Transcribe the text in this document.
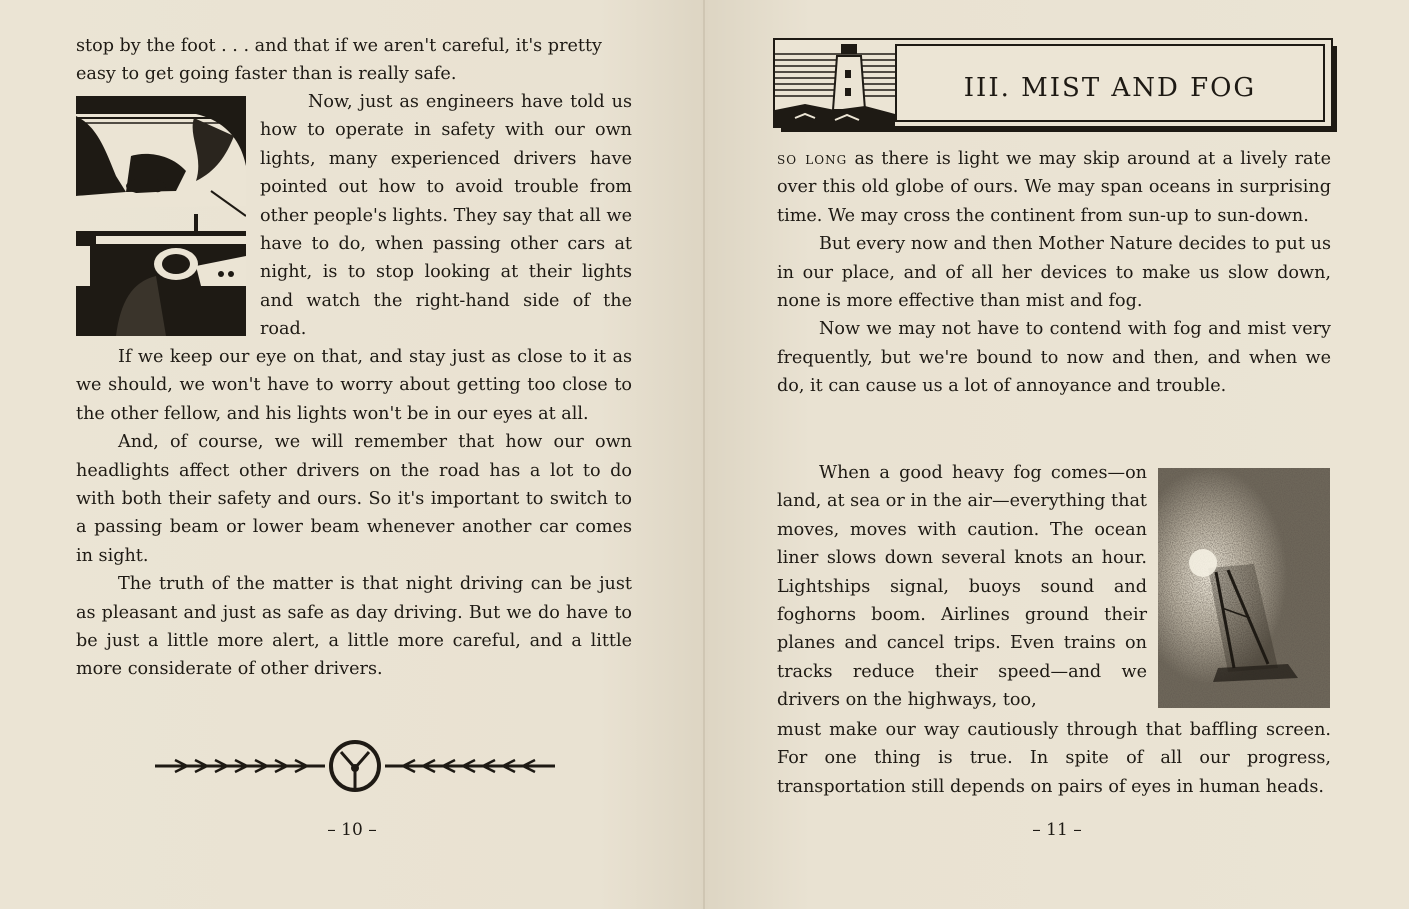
stop by the foot . . . and that if we aren't careful, it's pretty easy to get going faster than is really safe.

Now, just as engineers have told us how to operate in safety with our own lights, many experienced drivers have pointed out how to avoid trouble from other people's lights. They say that all we have to do, when passing other cars at night, is to stop looking at their lights and watch the right-hand side of the road.

If we keep our eye on that, and stay just as close to it as we should, we won't have to worry about getting too close to the other fellow, and his lights won't be in our eyes at all.

And, of course, we will remember that how our own headlights affect other drivers on the road has a lot to do with both their safety and ours. So it's important to switch to a passing beam or lower beam whenever another car comes in sight.

The truth of the matter is that night driving can be just as pleasant and just as safe as day driving. But we do have to be just a little more alert, a little more careful, and a little more considerate of other drivers.

– 10 –
III. MIST AND FOG

so long as there is light we may skip around at a lively rate over this old globe of ours. We may span oceans in surprising time. We may cross the continent from sun-up to sun-down.

But every now and then Mother Nature decides to put us in our place, and of all her devices to make us slow down, none is more effective than mist and fog.

Now we may not have to contend with fog and mist very frequently, but we're bound to now and then, and when we do, it can cause us a lot of annoyance and trouble.

When a good heavy fog comes—on land, at sea or in the air—everything that moves, moves with caution. The ocean liner slows down several knots an hour. Lightships signal, buoys sound and foghorns boom. Airlines ground their planes and cancel trips. Even trains on tracks reduce their speed—and we drivers on the highways, too,

must make our way cautiously through that baffling screen. For one thing is true. In spite of all our progress, transportation still depends on pairs of eyes in human heads.

– 11 –
